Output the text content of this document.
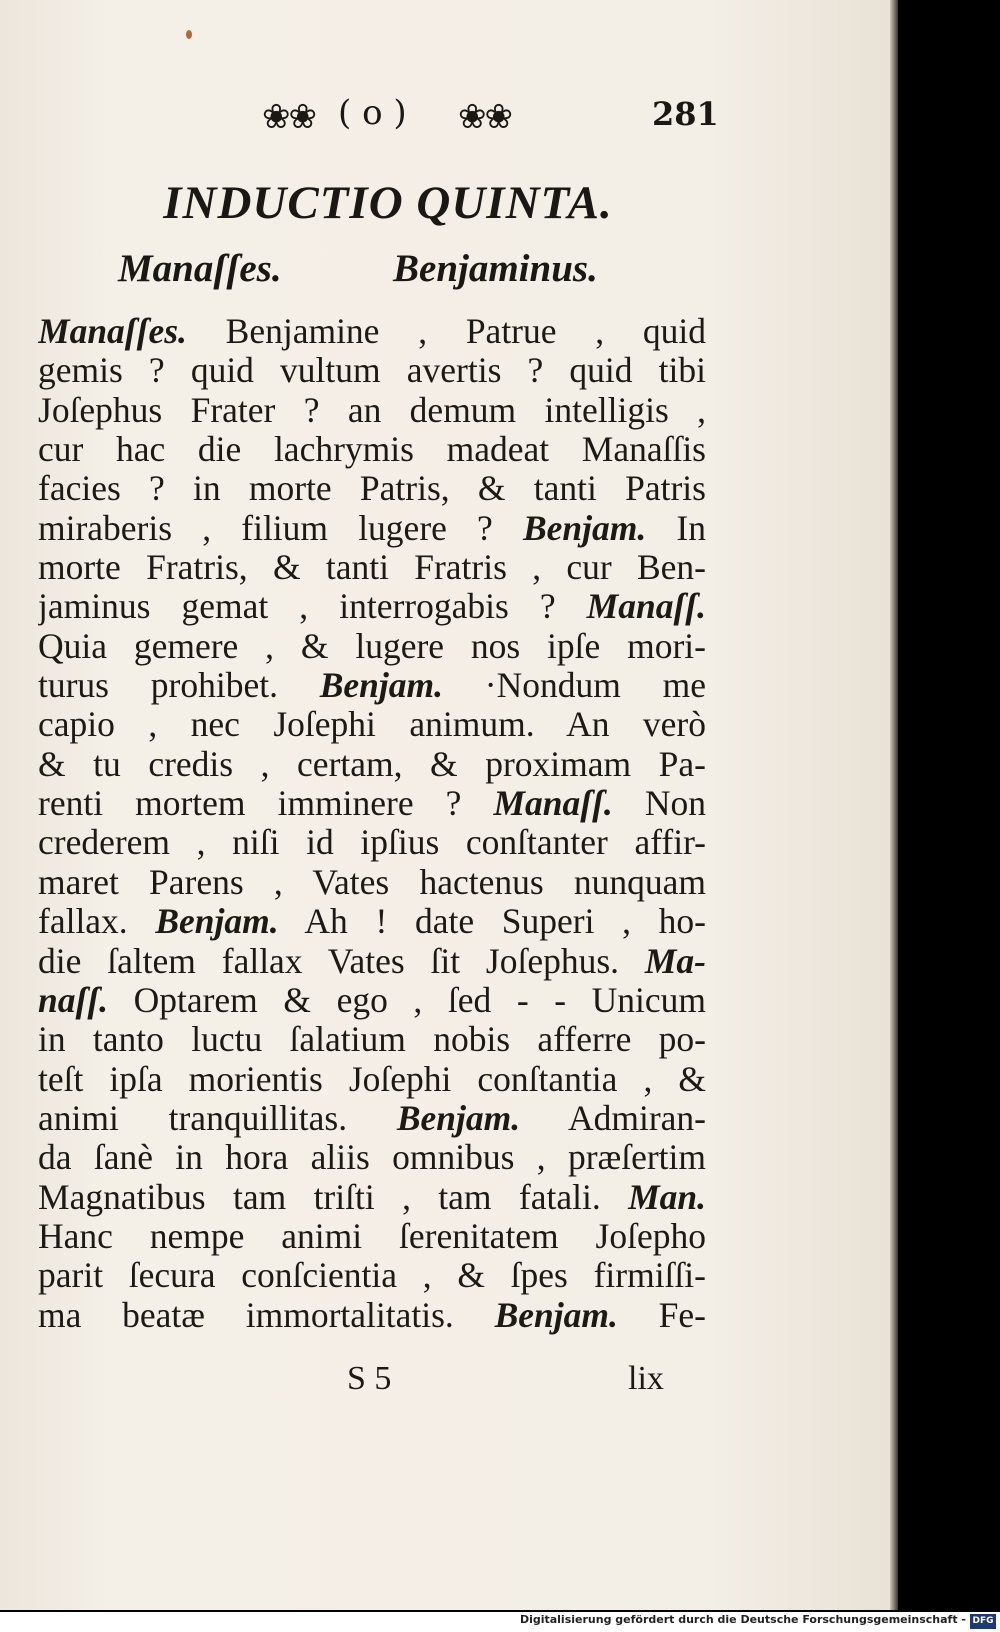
❀❀ ( o ) ❀❀	281
INDUCTIO QUINTA.
Manaſſes.	Benjaminus.
Manaſſes. Benjamine , Patrue , quid
gemis ? quid vultum avertis ? quid tibi
Joſephus Frater ? an demum intelligis ,
cur hac die lachrymis madeat Manaſſis
facies ? in morte Patris, & tanti Patris
miraberis , filium lugere ? Benjam. In
morte Fratris, & tanti Fratris , cur Ben-
jaminus gemat , interrogabis ? Manaſſ.
Quia gemere , & lugere nos ipſe mori-
turus prohibet. Benjam. ·Nondum me
capio , nec Joſephi animum. An verò
& tu credis , certam, & proximam Pa-
renti mortem imminere ? Manaſſ. Non
crederem , niſi id ipſius conſtanter affir-
maret Parens , Vates hactenus nunquam
fallax. Benjam. Ah ! date Superi , ho-
die ſaltem fallax Vates ſit Joſephus. Ma-
naſſ. Optarem & ego , ſed - - Unicum
in tanto luctu ſalatium nobis afferre po-
teſt ipſa morientis Joſephi conſtantia , &
animi tranquillitas. Benjam. Admiran-
da ſanè in hora aliis omnibus , præſertim
Magnatibus tam triſti , tam fatali. Man.
Hanc nempe animi ſerenitatem Joſepho
parit ſecura conſcientia , & ſpes firmiſſi-
ma beatæ immortalitatis. Benjam. Fe-
S 5	lix
Digitalisierung gefördert durch die Deutsche Forschungsgemeinschaft - DFG
